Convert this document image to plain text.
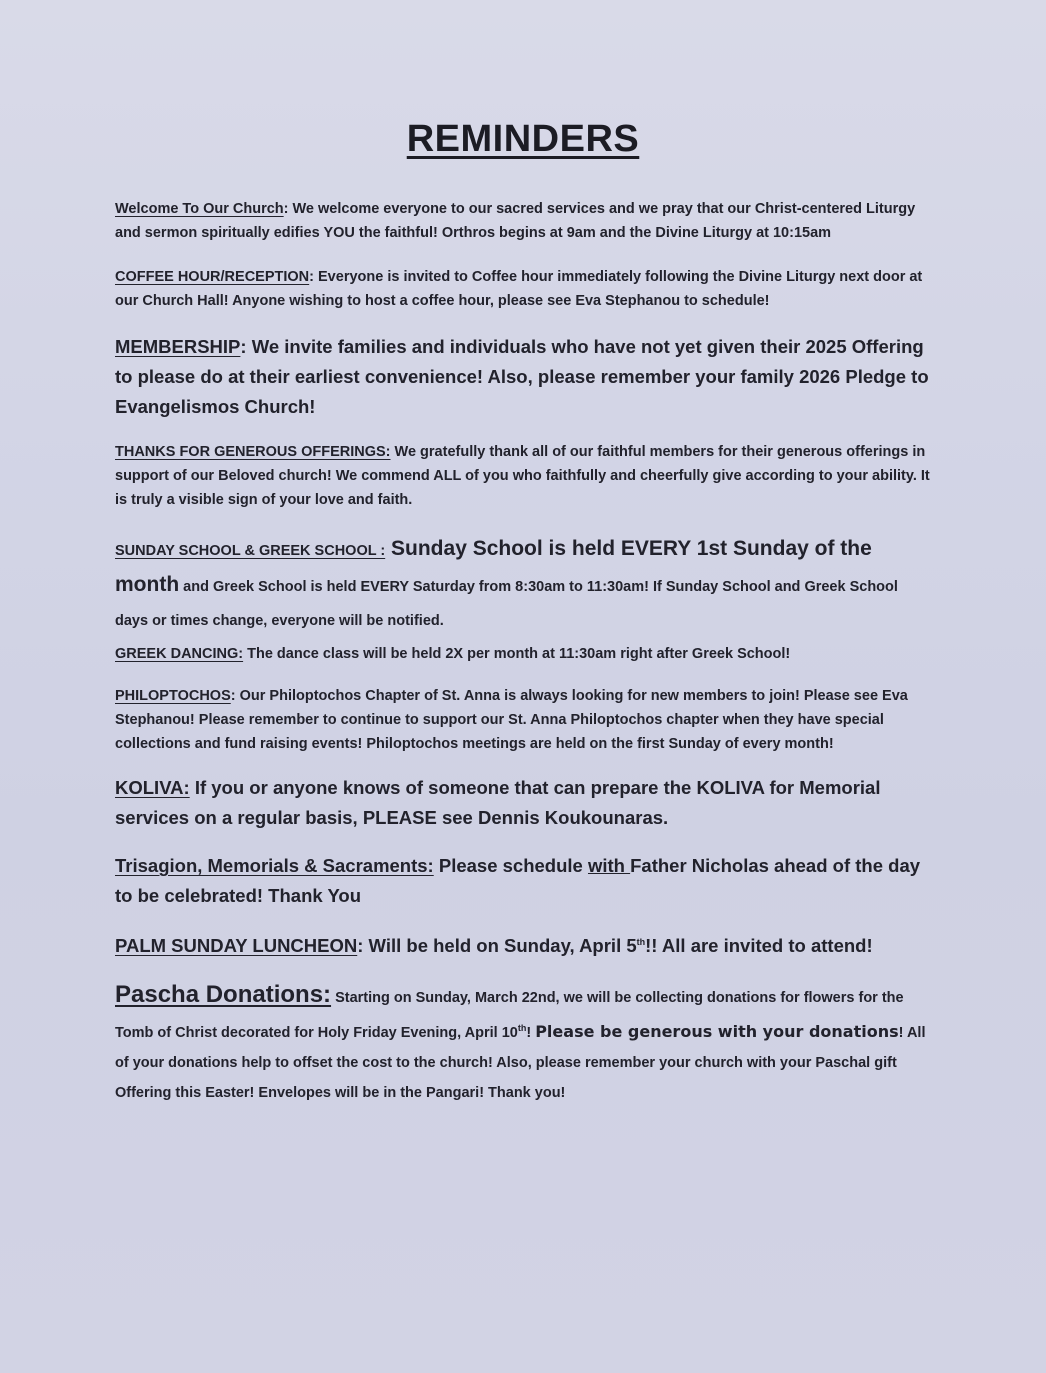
REMINDERS
Welcome To Our Church: We welcome everyone to our sacred services and we pray that our Christ-centered Liturgy and sermon spiritually edifies YOU the faithful! Orthros begins at 9am and the Divine Liturgy at 10:15am
COFFEE HOUR/RECEPTION: Everyone is invited to Coffee hour immediately following the Divine Liturgy next door at our Church Hall! Anyone wishing to host a coffee hour, please see Eva Stephanou to schedule!
MEMBERSHIP: We invite families and individuals who have not yet given their 2025 Offering to please do at their earliest convenience! Also, please remember your family 2026 Pledge to Evangelismos Church!
THANKS FOR GENEROUS OFFERINGS: We gratefully thank all of our faithful members for their generous offerings in support of our Beloved church! We commend ALL of you who faithfully and cheerfully give according to your ability. It is truly a visible sign of your love and faith.
SUNDAY SCHOOL & GREEK SCHOOL : Sunday School is held EVERY 1st Sunday of the month and Greek School is held EVERY Saturday from 8:30am to 11:30am! If Sunday School and Greek School days or times change, everyone will be notified.
GREEK DANCING: The dance class will be held 2X per month at 11:30am right after Greek School!
PHILOPTOCHOS: Our Philoptochos Chapter of St. Anna is always looking for new members to join! Please see Eva Stephanou! Please remember to continue to support our St. Anna Philoptochos chapter when they have special collections and fund raising events! Philoptochos meetings are held on the first Sunday of every month!
KOLIVA: If you or anyone knows of someone that can prepare the KOLIVA for Memorial services on a regular basis, PLEASE see Dennis Koukounaras.
Trisagion, Memorials & Sacraments: Please schedule with Father Nicholas ahead of the day to be celebrated! Thank You
PALM SUNDAY LUNCHEON: Will be held on Sunday, April 5th!! All are invited to attend!
Pascha Donations: Starting on Sunday, March 22nd, we will be collecting donations for flowers for the Tomb of Christ decorated for Holy Friday Evening, April 10th! Please be generous with your donations! All of your donations help to offset the cost to the church! Also, please remember your church with your Paschal gift Offering this Easter! Envelopes will be in the Pangari! Thank you!
